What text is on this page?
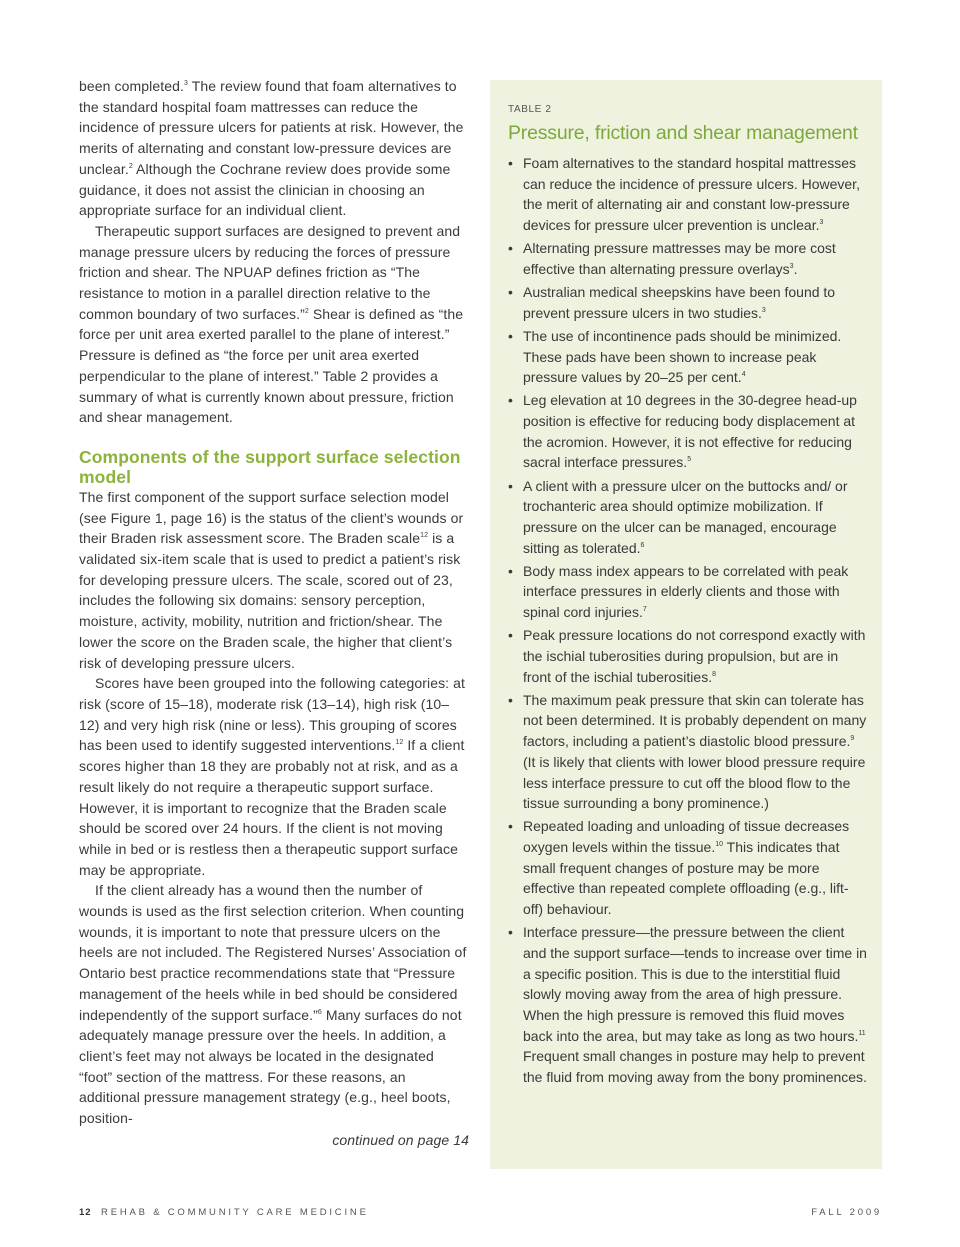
been completed.$^3$ The review found that foam alternatives to the standard hospital foam mattresses can reduce the incidence of pressure ulcers for patients at risk. However, the merits of alternating and constant low-pressure devices are unclear.$^2$ Although the Cochrane review does provide some guidance, it does not assist the clinician in choosing an appropriate surface for an individual client.

Therapeutic support surfaces are designed to prevent and manage pressure ulcers by reducing the forces of pressure friction and shear. The NPUAP defines friction as “The resistance to motion in a parallel direction relative to the common boundary of two surfaces.”$^2$ Shear is defined as “the force per unit area exerted parallel to the plane of interest.” Pressure is defined as “the force per unit area exerted perpendicular to the plane of interest.” Table 2 provides a summary of what is currently known about pressure, friction and shear management.

Components of the support surface selection model

The first component of the support surface selection model (see Figure 1, page 16) is the status of the client’s wounds or their Braden risk assessment score. The Braden scale$^{12}$ is a validated six-item scale that is used to predict a patient’s risk for developing pressure ulcers. The scale, scored out of 23, includes the following six domains: sensory perception, moisture, activity, mobility, nutrition and friction/shear. The lower the score on the Braden scale, the higher that client’s risk of developing pressure ulcers.

Scores have been grouped into the following categories: at risk (score of 15–18), moderate risk (13–14), high risk (10–12) and very high risk (nine or less). This grouping of scores has been used to identify suggested interventions.$^{12}$ If a client scores higher than 18 they are probably not at risk, and as a result likely do not require a therapeutic support surface. However, it is important to recognize that the Braden scale should be scored over 24 hours. If the client is not moving while in bed or is restless then a therapeutic support surface may be appropriate.

If the client already has a wound then the number of wounds is used as the first selection criterion. When counting wounds, it is important to note that pressure ulcers on the heels are not included. The Registered Nurses’ Association of Ontario best practice recommendations state that “Pressure management of the heels while in bed should be considered independently of the support surface.”$^6$ Many surfaces do not adequately manage pressure over the heels. In addition, a client’s feet may not always be located in the designated “foot” section of the mattress. For these reasons, an additional pressure management strategy (e.g., heel boots, position-

continued on page 14

TABLE 2
Pressure, friction and shear management
• Foam alternatives to the standard hospital mattresses can reduce the incidence of pressure ulcers. However, the merit of alternating air and constant low-pressure devices for pressure ulcer prevention is unclear.$^3$
• Alternating pressure mattresses may be more cost effective than alternating pressure overlays$^3$.
• Australian medical sheepskins have been found to prevent pressure ulcers in two studies.$^3$
• The use of incontinence pads should be minimized. These pads have been shown to increase peak pressure values by 20–25 per cent.$^4$
• Leg elevation at 10 degrees in the 30-degree head-up position is effective for reducing body displacement at the acromion. However, it is not effective for reducing sacral interface pressures.$^5$
• A client with a pressure ulcer on the buttocks and/ or trochanteric area should optimize mobilization. If pressure on the ulcer can be managed, encourage sitting as tolerated.$^6$
• Body mass index appears to be correlated with peak interface pressures in elderly clients and those with spinal cord injuries.$^7$
• Peak pressure locations do not correspond exactly with the ischial tuberosities during propulsion, but are in front of the ischial tuberosities.$^8$
• The maximum peak pressure that skin can tolerate has not been determined. It is probably dependent on many factors, including a patient’s diastolic blood pressure.$^9$ (It is likely that clients with lower blood pressure require less interface pressure to cut off the blood flow to the tissue surrounding a bony prominence.)
• Repeated loading and unloading of tissue decreases oxygen levels within the tissue.$^{10}$ This indicates that small frequent changes of posture may be more effective than repeated complete offloading (e.g., lift-off) behaviour.
• Interface pressure—the pressure between the client and the support surface—tends to increase over time in a specific position. This is due to the interstitial fluid slowly moving away from the area of high pressure. When the high pressure is removed this fluid moves back into the area, but may take as long as two hours.$^{11}$ Frequent small changes in posture may help to prevent the fluid from moving away from the bony prominences.
12 REHAB & COMMUNITY CARE MEDICINE	FALL 2009
